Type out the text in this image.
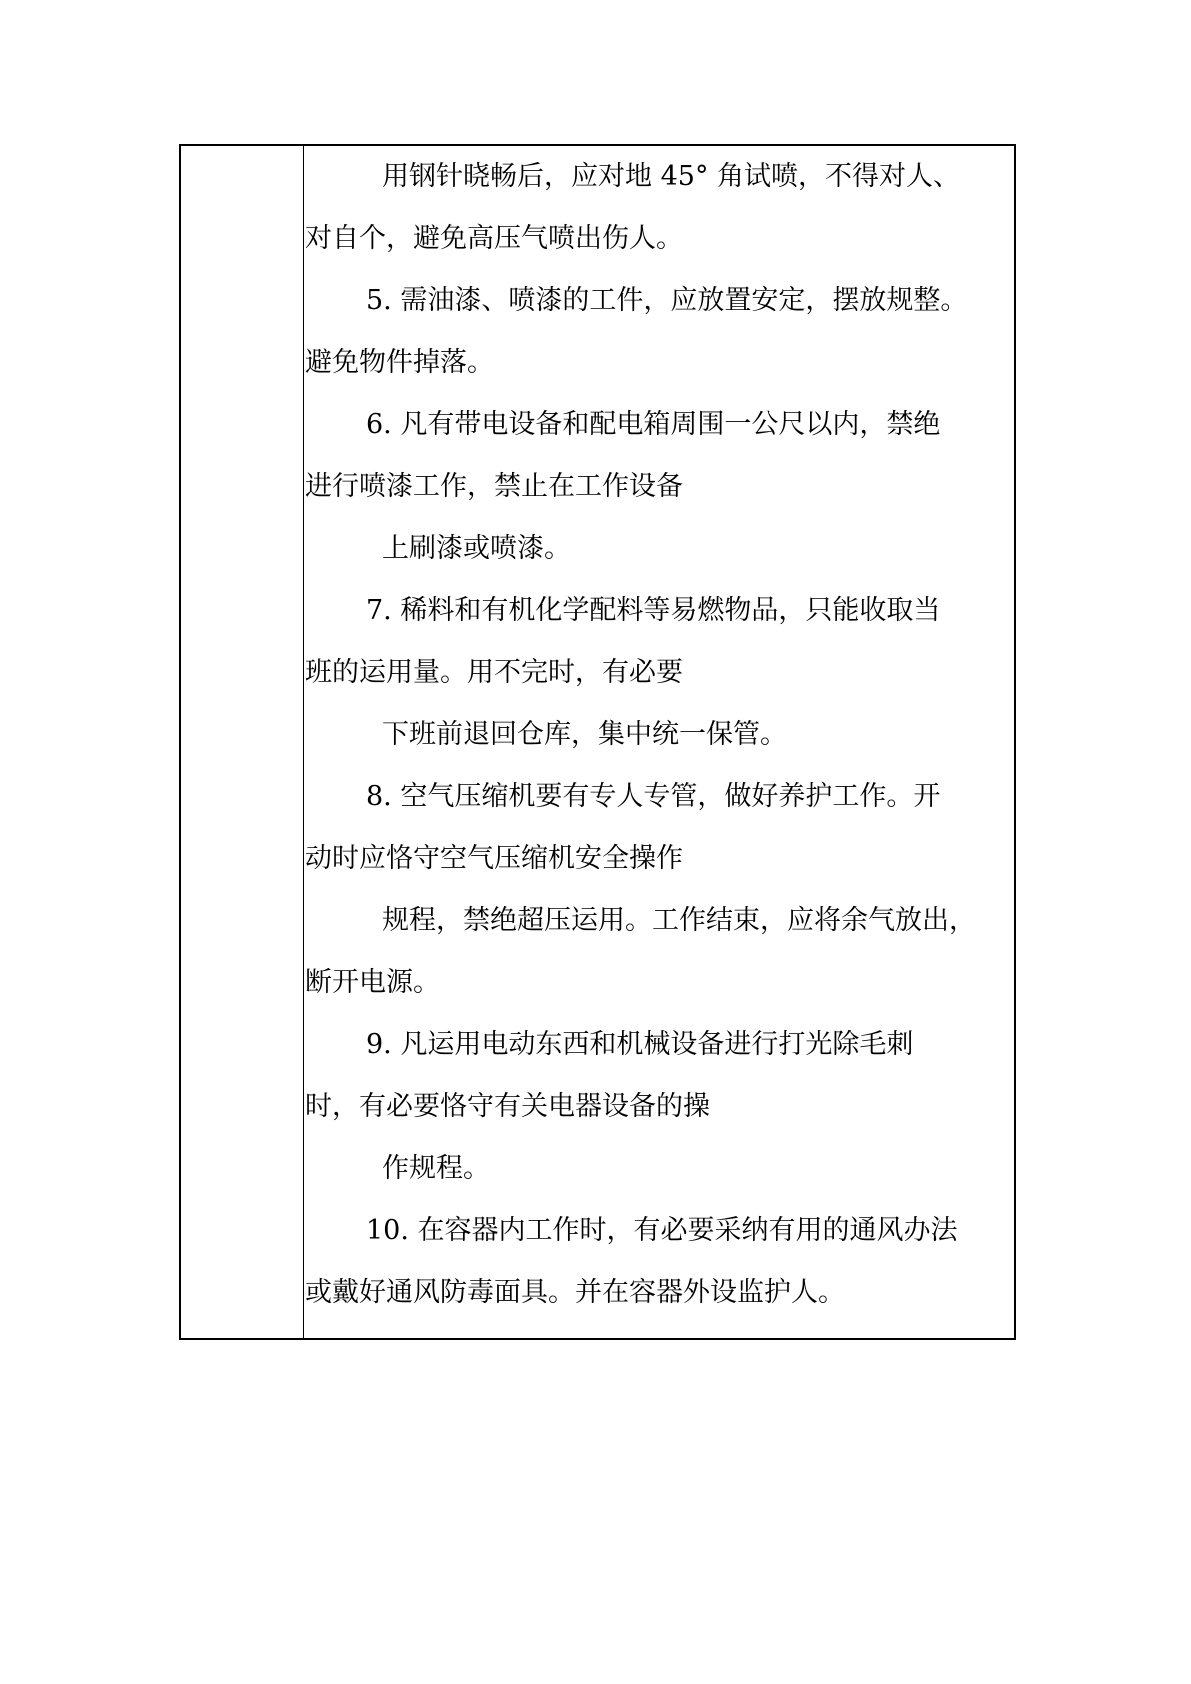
用钢针晓畅后，应对地 45° 角试喷，不得对人、
对自个，避免高压气喷出伤人。
5. 需油漆、喷漆的工件，应放置安定，摆放规整。
避免物件掉落。
6. 凡有带电设备和配电箱周围一公尺以内，禁绝
进行喷漆工作，禁止在工作设备
上刷漆或喷漆。
7. 稀料和有机化学配料等易燃物品，只能收取当
班的运用量。用不完时，有必要
下班前退回仓库，集中统一保管。
8. 空气压缩机要有专人专管，做好养护工作。开
动时应恪守空气压缩机安全操作
规程，禁绝超压运用。工作结束，应将余气放出，
断开电源。
9. 凡运用电动东西和机械设备进行打光除毛刺
时，有必要恪守有关电器设备的操
作规程。
10. 在容器内工作时，有必要采纳有用的通风办法
或戴好通风防毒面具。并在容器外设监护人。
